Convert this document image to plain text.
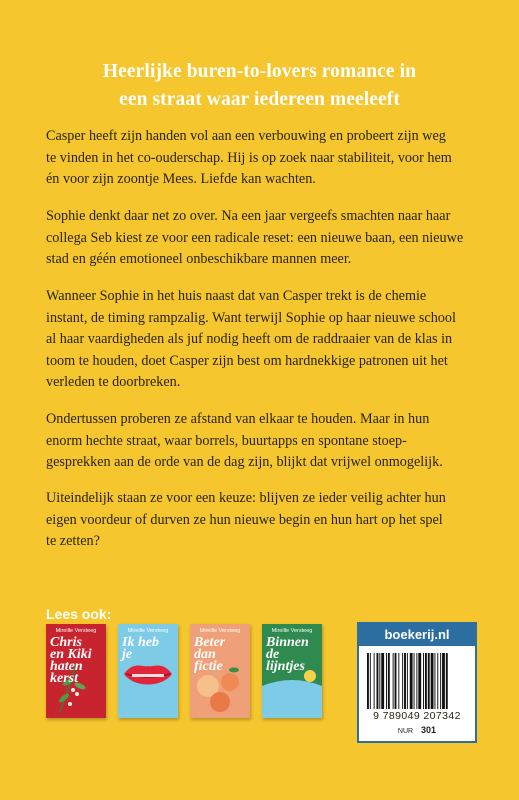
Heerlijke buren-to-lovers romance in
een straat waar iedereen meeleeft
Casper heeft zijn handen vol aan een verbouwing en probeert zijn weg
te vinden in het co-ouderschap. Hij is op zoek naar stabiliteit, voor hem
én voor zijn zoontje Mees. Liefde kan wachten.
Sophie denkt daar net zo over. Na een jaar vergeefs smachten naar haar
collega Seb kiest ze voor een radicale reset: een nieuwe baan, een nieuwe
stad en géén emotioneel onbeschikbare mannen meer.
Wanneer Sophie in het huis naast dat van Casper trekt is de chemie
instant, de timing rampzalig. Want terwijl Sophie op haar nieuwe school
al haar vaardigheden als juf nodig heeft om de raddraaier van de klas in
toom te houden, doet Casper zijn best om hardnekkige patronen uit het
verleden te doorbreken.
Ondertussen proberen ze afstand van elkaar te houden. Maar in hun
enorm hechte straat, waar borrels, buurtapps en spontane stoep-
gesprekken aan de orde van de dag zijn, blijkt dat vrijwel onmogelijk.
Uiteindelijk staan ze voor een keuze: blijven ze ieder veilig achter hun
eigen voordeur of durven ze hun nieuwe begin en hun hart op het spel
te zetten?
Lees ook:
Mireille Versteeg
Chris
en Kiki
haten
kerst
Mireille Versteeg
Ik heb
je
Mireille Versteeg
Beter
dan fictie
Mireille Versteeg
Binnen
de lijntjes
boekerij.nl
9 789049 207342
NUR 301
